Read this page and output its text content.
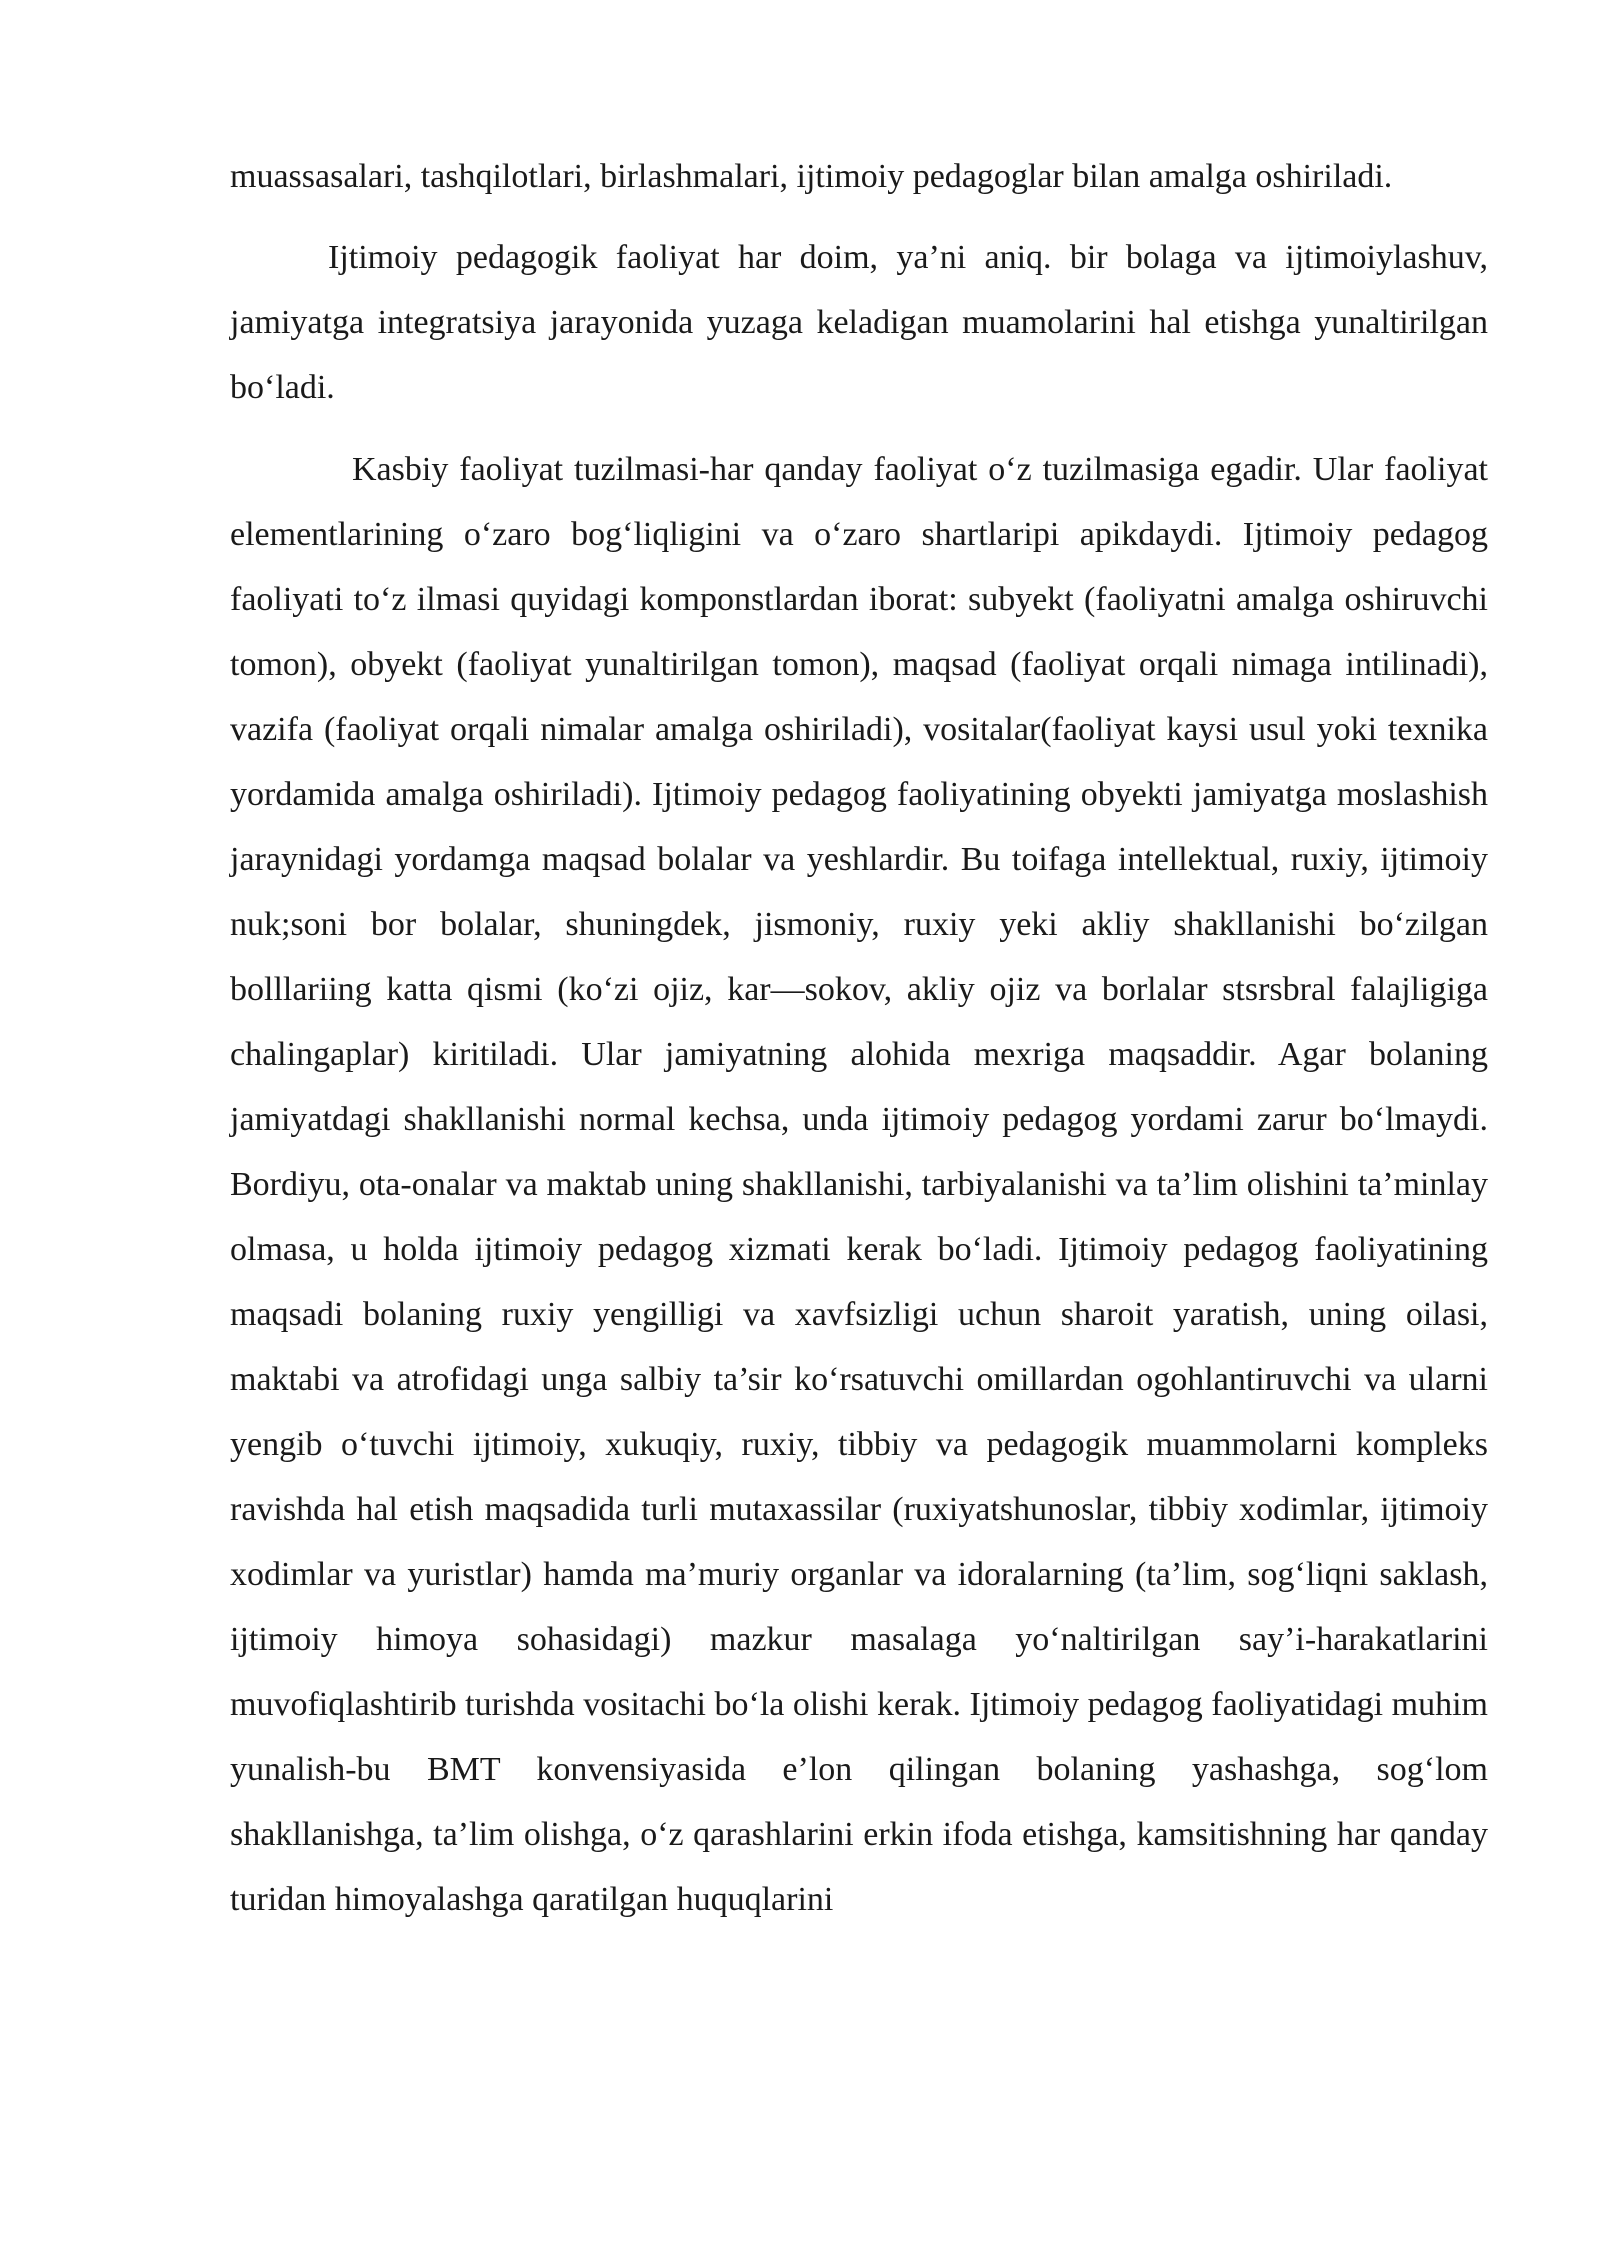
muassasalari, tashqilotlari, birlashmalari, ijtimoiy pedagoglar bilan amalga oshiriladi.

Ijtimoiy pedagogik faoliyat har doim, ya’ni aniq. bir bolaga va ijtimoiylashuv, jamiyatga integratsiya jarayonida yuzaga keladigan muamolarini hal etishga yunaltirilgan bo‘ladi.

Kasbiy faoliyat tuzilmasi-har qanday faoliyat o‘z tuzilmasiga egadir. Ular faoliyat elementlarining o‘zaro bog‘liqligini va o‘zaro shartlaripi apikdaydi. Ijtimoiy pedagog faoliyati to‘z ilmasi quyidagi komponstlardan iborat: subyekt (faoliyatni amalga oshiruvchi tomon), obyekt (faoliyat yunaltirilgan tomon), maqsad (faoliyat orqali nimaga intilinadi), vazifa (faoliyat orqali nimalar amalga oshiriladi), vositalar(faoliyat kaysi usul yoki texnika yordamida amalga oshiriladi). Ijtimoiy pedagog faoliyatining obyekti jamiyatga moslashish jaraynidagi yordamga maqsad bolalar va yeshlardir. Bu toifaga intellektual, ruxiy, ijtimoiy nuk;soni bor bolalar, shuningdek, jismoniy, ruxiy yeki akliy shakllanishi bo‘zilgan bolllariing katta qismi (ko‘zi ojiz, kar—sokov, akliy ojiz va borlalar stsrsbral falajligiga chalingaplar) kiritiladi. Ular jamiyatning alohida mexriga maqsaddir. Agar bolaning jamiyatdagi shakllanishi normal kechsa, unda ijtimoiy pedagog yordami zarur bo‘lmaydi. Bordiyu, ota-onalar va maktab uning shakllanishi, tarbiyalanishi va ta’lim olishini ta’minlay olmasa, u holda ijtimoiy pedagog xizmati kerak bo‘ladi. Ijtimoiy pedagog faoliyatining maqsadi bolaning ruxiy yengilligi va xavfsizligi uchun sharoit yaratish, uning oilasi, maktabi va atrofidagi unga salbiy ta’sir ko‘rsatuvchi omillardan ogohlantiruvchi va ularni yengib o‘tuvchi ijtimoiy, xukuqiy, ruxiy, tibbiy va pedagogik muammolarni kompleks ravishda hal etish maqsadida turli mutaxassilar (ruxiyatshunoslar, tibbiy xodimlar, ijtimoiy xodimlar va yuristlar) hamda ma’muriy organlar va idoralarning (ta’lim, sog‘liqni saklash, ijtimoiy himoya sohasidagi) mazkur masalaga yo‘naltirilgan say’i-harakatlarini muvofiqlashtirib turishda vositachi bo‘la olishi kerak. Ijtimoiy pedagog faoliyatidagi muhim yunalish-bu BMT konvensiyasida e’lon qilingan bolaning yashashga, sog‘lom shakllanishga, ta’lim olishga, o‘z qarashlarini erkin ifoda etishga, kamsitishning har qanday turidan himoyalashga qaratilgan huquqlarini
